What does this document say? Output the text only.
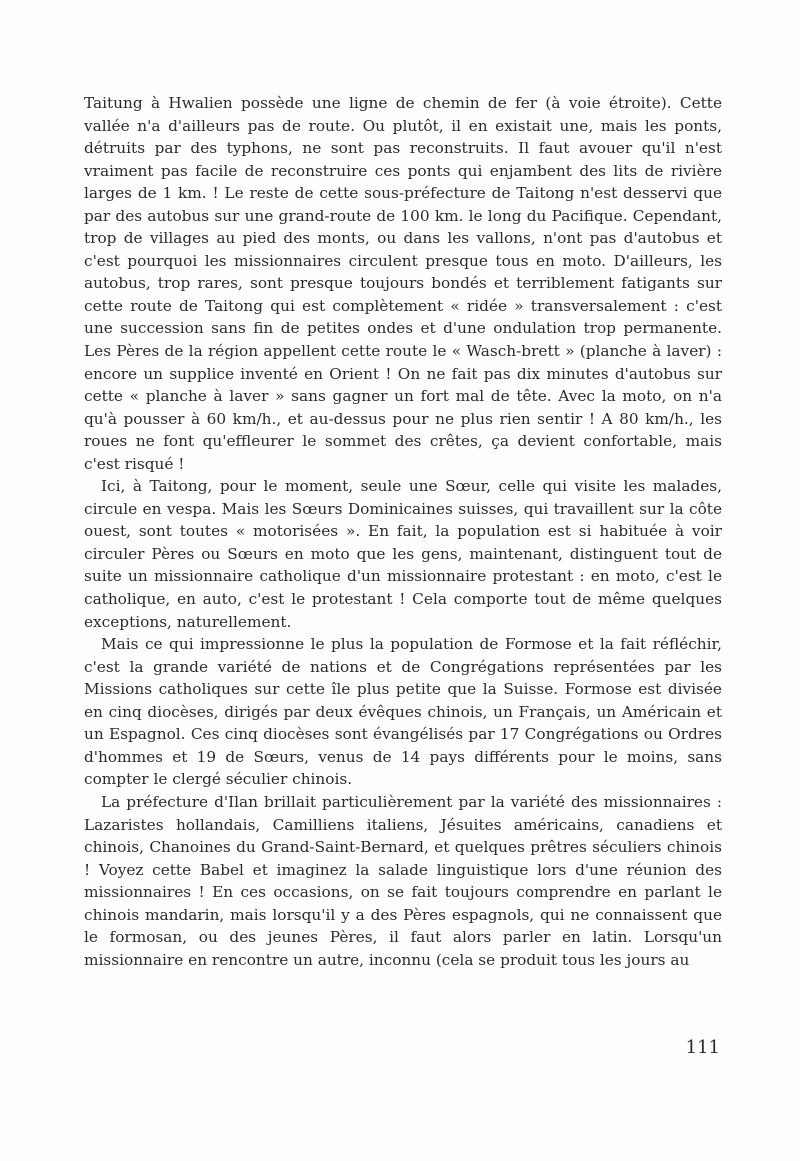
Taitung à Hwalien possède une ligne de chemin de fer (à voie étroite). Cette vallée n'a d'ailleurs pas de route. Ou plutôt, il en existait une, mais les ponts, détruits par des typhons, ne sont pas reconstruits. Il faut avouer qu'il n'est vraiment pas facile de reconstruire ces ponts qui enjambent des lits de rivière larges de 1 km. ! Le reste de cette sous-préfecture de Taitong n'est desservi que par des autobus sur une grand-route de 100 km. le long du Pacifique. Cependant, trop de villages au pied des monts, ou dans les vallons, n'ont pas d'autobus et c'est pourquoi les missionnaires circulent presque tous en moto. D'ailleurs, les autobus, trop rares, sont presque toujours bondés et terriblement fatigants sur cette route de Taitong qui est complètement « ridée » transversalement : c'est une succession sans fin de petites ondes et d'une ondulation trop permanente. Les Pères de la région appellent cette route le « Wasch-brett » (planche à laver) : encore un supplice inventé en Orient ! On ne fait pas dix minutes d'autobus sur cette « planche à laver » sans gagner un fort mal de tête. Avec la moto, on n'a qu'à pousser à 60 km/h., et au-dessus pour ne plus rien sentir ! A 80 km/h., les roues ne font qu'effleurer le sommet des crêtes, ça devient confortable, mais c'est risqué !

Ici, à Taitong, pour le moment, seule une Sœur, celle qui visite les malades, circule en vespa. Mais les Sœurs Dominicaines suisses, qui travaillent sur la côte ouest, sont toutes « motorisées ». En fait, la population est si habituée à voir circuler Pères ou Sœurs en moto que les gens, maintenant, distinguent tout de suite un missionnaire catholique d'un missionnaire protestant : en moto, c'est le catholique, en auto, c'est le protestant ! Cela comporte tout de même quelques exceptions, naturellement.

Mais ce qui impressionne le plus la population de Formose et la fait réfléchir, c'est la grande variété de nations et de Congrégations représentées par les Missions catholiques sur cette île plus petite que la Suisse. Formose est divisée en cinq diocèses, dirigés par deux évêques chinois, un Français, un Américain et un Espagnol. Ces cinq diocèses sont évangélisés par 17 Congrégations ou Ordres d'hommes et 19 de Sœurs, venus de 14 pays différents pour le moins, sans compter le clergé séculier chinois.

La préfecture d'Ilan brillait particulièrement par la variété des missionnaires : Lazaristes hollandais, Camilliens italiens, Jésuites américains, canadiens et chinois, Chanoines du Grand-Saint-Bernard, et quelques prêtres séculiers chinois ! Voyez cette Babel et imaginez la salade linguistique lors d'une réunion des missionnaires ! En ces occasions, on se fait toujours comprendre en parlant le chinois mandarin, mais lorsqu'il y a des Pères espagnols, qui ne connaissent que le formosan, ou des jeunes Pères, il faut alors parler en latin. Lorsqu'un missionnaire en rencontre un autre, inconnu (cela se produit tous les jours au

111
